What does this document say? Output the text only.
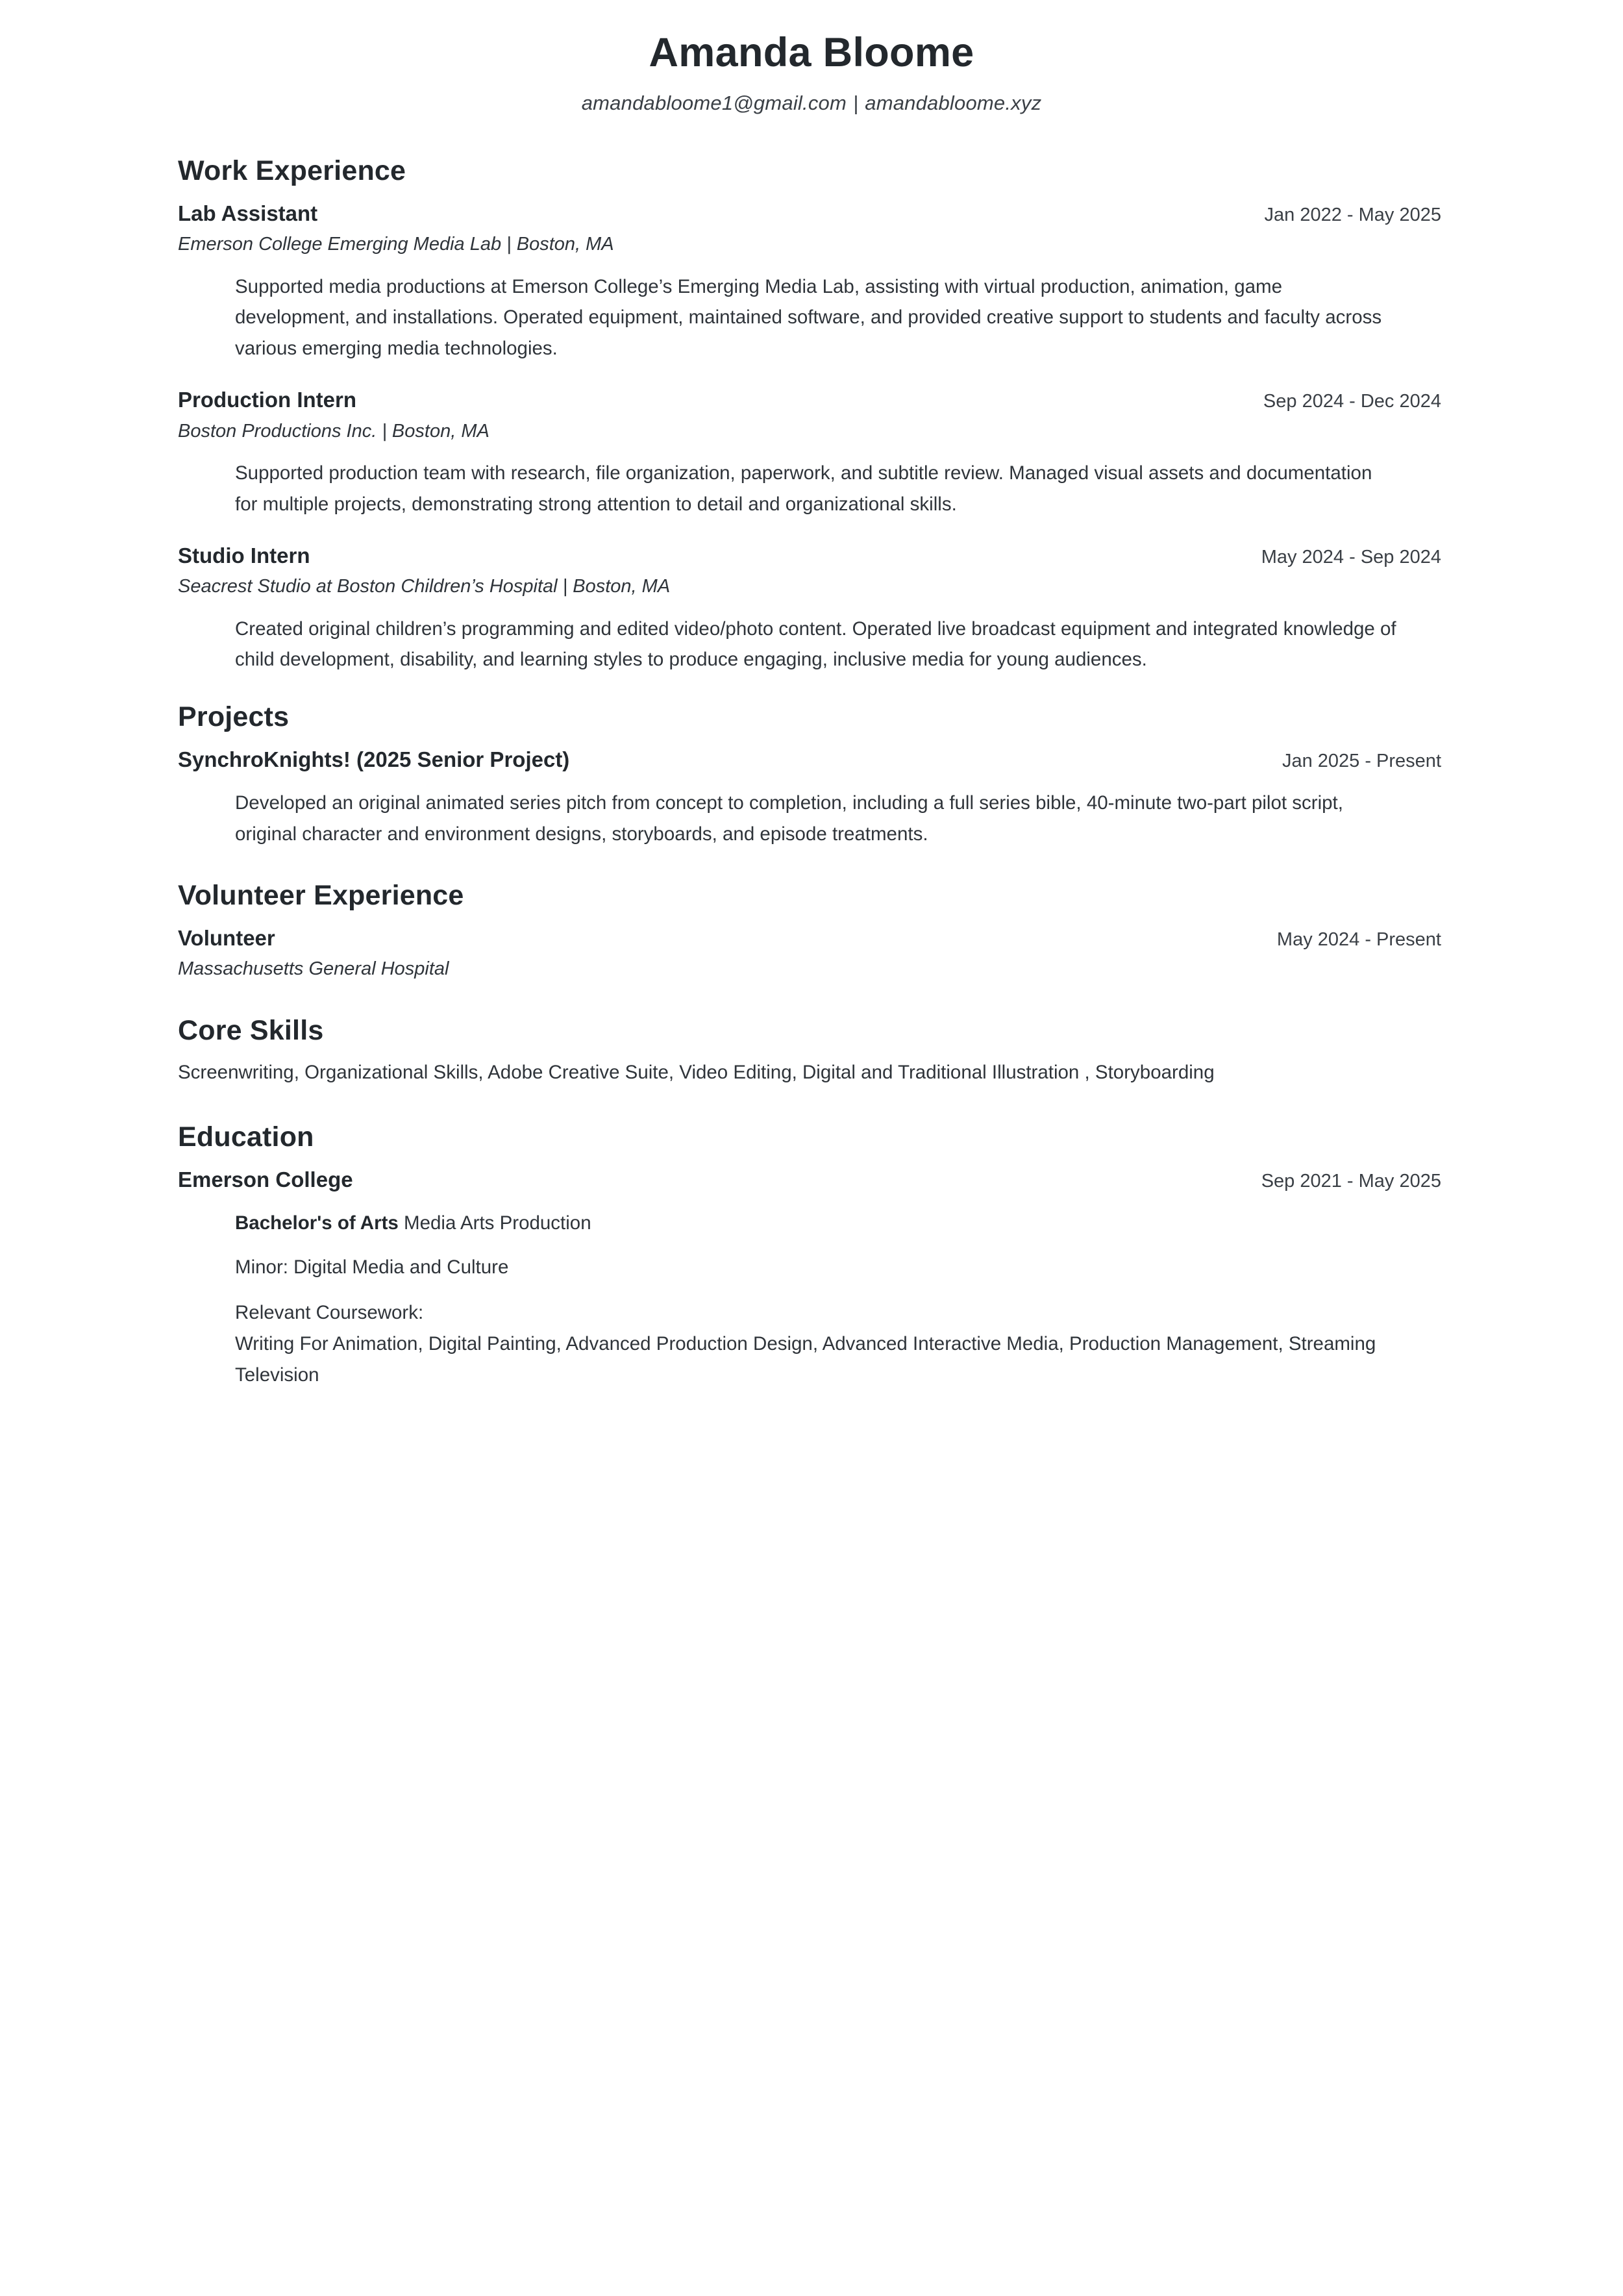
Amanda Bloome
amandabloome1@gmail.com | amandabloome.xyz
Work Experience
Lab Assistant	Jan 2022 - May 2025
Emerson College Emerging Media Lab | Boston, MA
Supported media productions at Emerson College’s Emerging Media Lab, assisting with virtual production, animation, game development, and installations. Operated equipment, maintained software, and provided creative support to students and faculty across various emerging media technologies.
Production Intern	Sep 2024 - Dec 2024
Boston Productions Inc. | Boston, MA
Supported production team with research, file organization, paperwork, and subtitle review. Managed visual assets and documentation for multiple projects, demonstrating strong attention to detail and organizational skills.
Studio Intern	May 2024 - Sep 2024
Seacrest Studio at Boston Children’s Hospital | Boston, MA
Created original children’s programming and edited video/photo content. Operated live broadcast equipment and integrated knowledge of child development, disability, and learning styles to produce engaging, inclusive media for young audiences.
Projects
SynchroKnights! (2025 Senior Project)	Jan 2025 - Present
Developed an original animated series pitch from concept to completion, including a full series bible, 40-minute two-part pilot script, original character and environment designs, storyboards, and episode treatments.
Volunteer Experience
Volunteer	May 2024 - Present
Massachusetts General Hospital
Core Skills
Screenwriting, Organizational Skills, Adobe Creative Suite, Video Editing, Digital and Traditional Illustration , Storyboarding
Education
Emerson College	Sep 2021 - May 2025
Bachelor's of Arts Media Arts Production
Minor: Digital Media and Culture
Relevant Coursework:
Writing For Animation, Digital Painting, Advanced Production Design, Advanced Interactive Media, Production Management, Streaming Television
